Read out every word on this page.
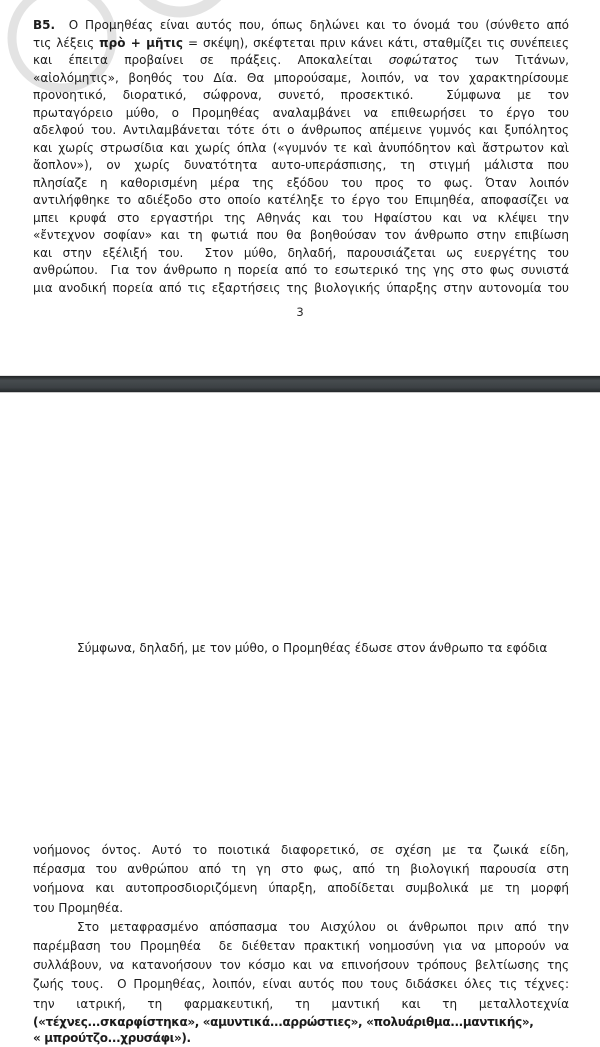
Β5.  Ο Προμηθέας είναι αυτός που, όπως δηλώνει και το όνομά του (σύνθετο από
τις λέξεις πρὸ + μῆτις = σκέψη), σκέφτεται πριν κάνει κάτι, σταθμίζει τις συνέπειες
και έπειτα προβαίνει σε πράξεις. Αποκαλείται σοφώτατος των Τιτάνων,
«αἰολόμητις», βοηθός του Δία. Θα μπορούσαμε, λοιπόν, να τον χαρακτηρίσουμε
προνοητικό, διορατικό, σώφρονα, συνετό, προσεκτικό.  Σύμφωνα με τον
πρωταγόρειο μύθο, ο Προμηθέας αναλαμβάνει να επιθεωρήσει το έργο του
αδελφού του. Αντιλαμβάνεται τότε ότι ο άνθρωπος απέμεινε γυμνός και ξυπόλητος
και χωρίς στρωσίδια και χωρίς όπλα («γυμνόν τε καὶ ἀνυπόδητον καὶ ἄστρωτον καὶ
ἄοπλον»), ον χωρίς δυνατότητα αυτο-υπεράσπισης, τη στιγμή μάλιστα που
πλησίαζε η καθορισμένη μέρα της εξόδου του προς το φως. Όταν λοιπόν
αντιλήφθηκε το αδιέξοδο στο οποίο κατέληξε το έργο του Επιμηθέα, αποφασίζει να
μπει κρυφά στο εργαστήρι της Αθηνάς και του Ηφαίστου και να κλέψει την
«ἔντεχνον σοφίαν» και τη φωτιά που θα βοηθούσαν τον άνθρωπο στην επιβίωση
και στην εξέλιξή του.  Στον μύθο, δηλαδή, παρουσιάζεται ως ευεργέτης του
ανθρώπου.  Για τον άνθρωπο η πορεία από το εσωτερικό της γης στο φως συνιστά
μια ανοδική πορεία από τις εξαρτήσεις της βιολογικής ύπαρξης στην αυτονομία του
3
νοήμονος όντος. Αυτό το ποιοτικά διαφορετικό, σε σχέση με τα ζωικά είδη,
πέρασμα του ανθρώπου από τη γη στο φως, από τη βιολογική παρουσία στη
νοήμονα και αυτοπροσδιοριζόμενη ύπαρξη, αποδίδεται συμβολικά με τη μορφή
του Προμηθέα.
Στο μεταφρασμένο απόσπασμα του Αισχύλου οι άνθρωποι πριν από την
παρέμβαση του Προμηθέα  δε διέθεταν πρακτική νοημοσύνη για να μπορούν να
συλλάβουν, να κατανοήσουν τον κόσμο και να επινοήσουν τρόπους βελτίωσης της
ζωής τους.  Ο Προμηθέας, λοιπόν, είναι αυτός που τους διδάσκει όλες τις τέχνες:
την ιατρική, τη φαρμακευτική, τη μαντική και τη μεταλλοτεχνία
(«τέχνες...σκαρφίστηκα», «αμυντικά...αρρώστιες», «πολυάριθμα...μαντικής»,
« μπρούτζο...χρυσάφι»).
Σύμφωνα, δηλαδή, με τον μύθο, ο Προμηθέας έδωσε στον άνθρωπο τα εφόδια
